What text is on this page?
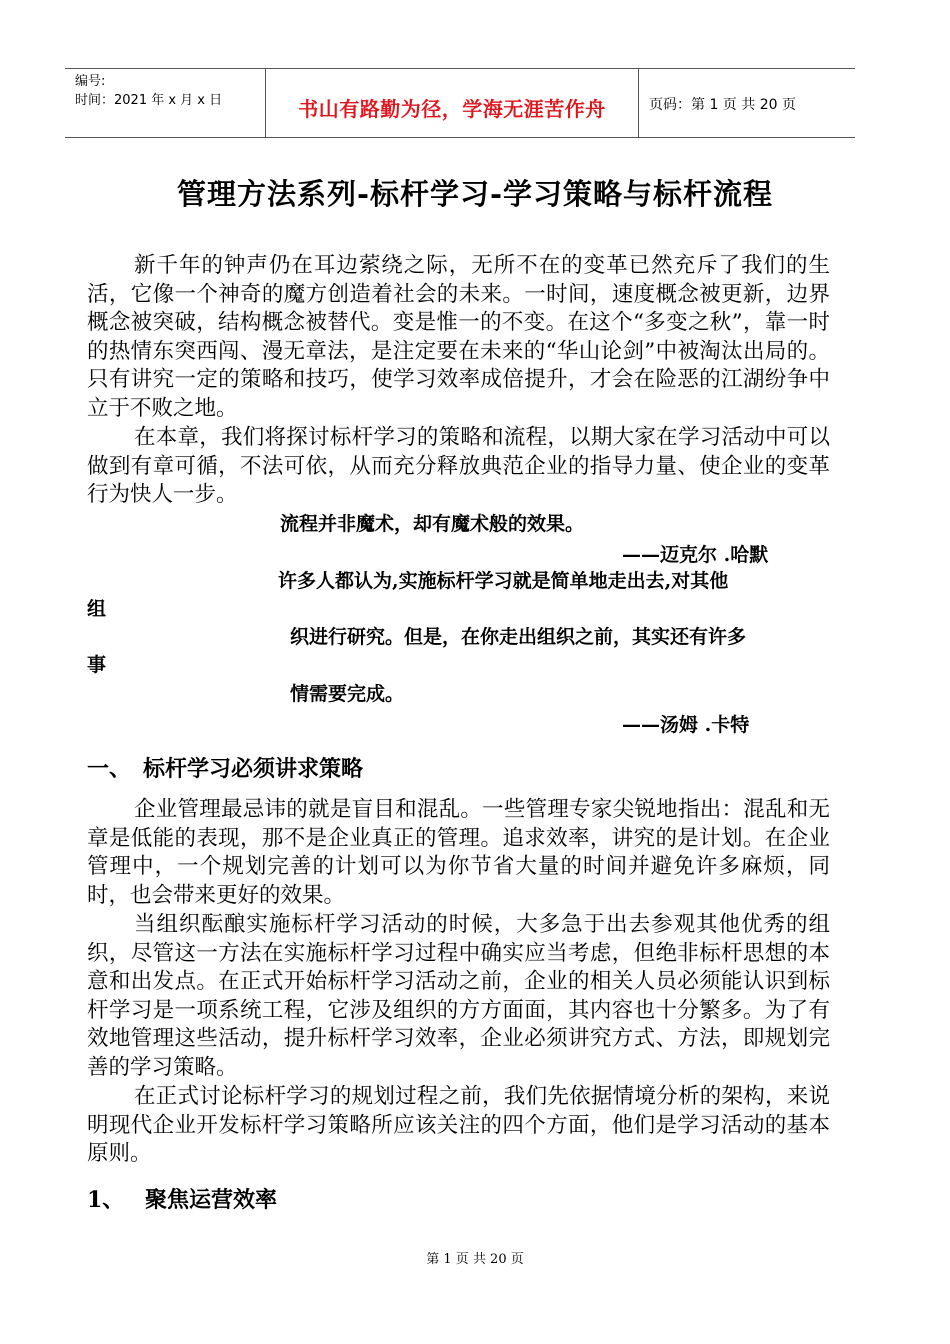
编号:
时间：2021 年 x 月 x 日	书山有路勤为径，学海无涯苦作舟	页码：第 1 页 共 20 页
管理方法系列-标杆学习-学习策略与标杆流程

新千年的钟声仍在耳边萦绕之际，无所不在的变革已然充斥了我们的生活，它像一个神奇的魔方创造着社会的未来。一时间，速度概念被更新，边界概念被突破，结构概念被替代。变是惟一的不变。在这个“多变之秋”，靠一时的热情东突西闯、漫无章法，是注定要在未来的“华山论剑”中被淘汰出局的。只有讲究一定的策略和技巧，使学习效率成倍提升，才会在险恶的江湖纷争中立于不败之地。

在本章，我们将探讨标杆学习的策略和流程，以期大家在学习活动中可以做到有章可循，不法可依，从而充分释放典范企业的指导力量、使企业的变革行为快人一步。

流程并非魔术，却有魔术般的效果。
——迈克尔 .哈默
许多人都认为,实施标杆学习就是简单地走出去,对其他
组
织进行研究。但是，在你走出组织之前，其实还有许多
事
情需要完成。
——汤姆 .卡特
一、 标杆学习必须讲求策略

企业管理最忌讳的就是盲目和混乱。一些管理专家尖锐地指出：混乱和无章是低能的表现，那不是企业真正的管理。追求效率，讲究的是计划。在企业管理中，一个规划完善的计划可以为你节省大量的时间并避免许多麻烦，同时，也会带来更好的效果。

当组织酝酿实施标杆学习活动的时候，大多急于出去参观其他优秀的组织，尽管这一方法在实施标杆学习过程中确实应当考虑，但绝非标杆思想的本意和出发点。在正式开始标杆学习活动之前，企业的相关人员必须能认识到标杆学习是一项系统工程，它涉及组织的方方面面，其内容也十分繁多。为了有效地管理这些活动，提升标杆学习效率，企业必须讲究方式、方法，即规划完善的学习策略。

在正式讨论标杆学习的规划过程之前，我们先依据情境分析的架构，来说明现代企业开发标杆学习策略所应该关注的四个方面，他们是学习活动的基本原则。

1、 聚焦运营效率
第 1 页 共 20 页
